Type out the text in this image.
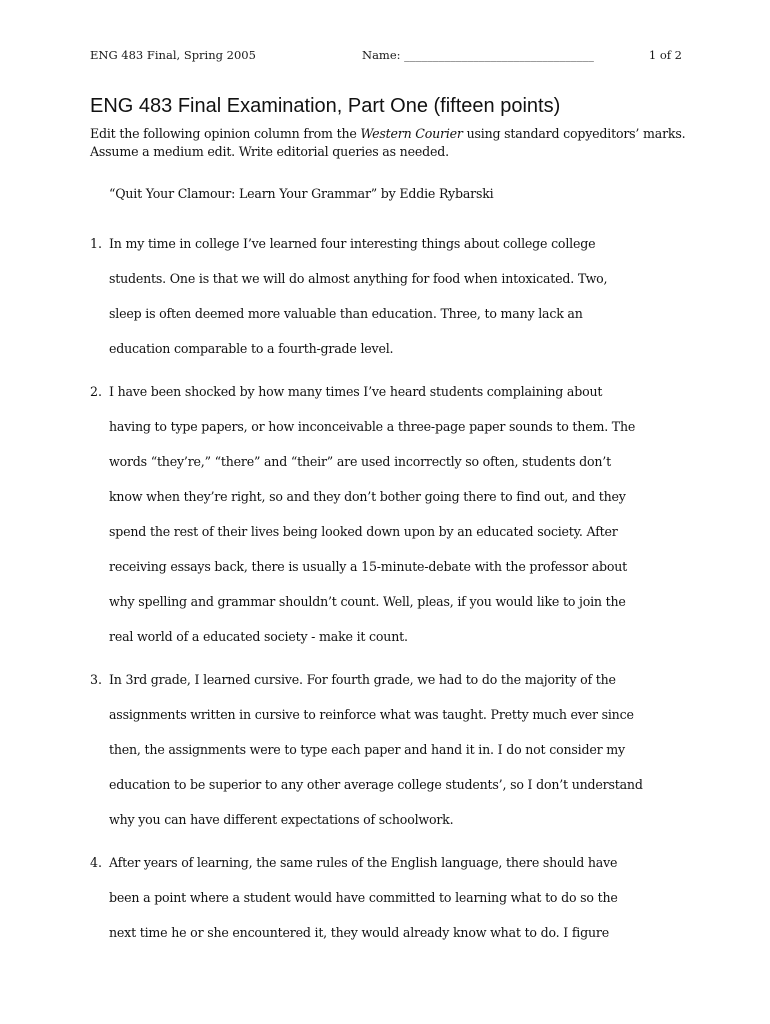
ENG 483 Final, Spring 2005	Name: _________________________________	1 of 2
ENG 483 Final Examination, Part One (fifteen points)

Edit the following opinion column from the Western Courier using standard copyeditors’ marks.
Assume a medium edit. Write editorial queries as needed.

“Quit Your Clamour: Learn Your Grammar” by Eddie Rybarski
1. In my time in college I’ve learned four interesting things about college college
students. One is that we will do almost anything for food when intoxicated. Two,
sleep is often deemed more valuable than education. Three, to many lack an
education comparable to a fourth-grade level.
2. I have been shocked by how many times I’ve heard students complaining about
having to type papers, or how inconceivable a three-page paper sounds to them. The
words “they’re,” “there” and “their” are used incorrectly so often, students don’t
know when they’re right, so and they don’t bother going there to find out, and they
spend the rest of their lives being looked down upon by an educated society. After
receiving essays back, there is usually a 15-minute-debate with the professor about
why spelling and grammar shouldn’t count. Well, pleas, if you would like to join the
real world of a educated society - make it count.
3. In 3rd grade, I learned cursive. For fourth grade, we had to do the majority of the
assignments written in cursive to reinforce what was taught. Pretty much ever since
then, the assignments were to type each paper and hand it in. I do not consider my
education to be superior to any other average college students’, so I don’t understand
why you can have different expectations of schoolwork.
4. After years of learning, the same rules of the English language, there should have
been a point where a student would have committed to learning what to do so the
next time he or she encountered it, they would already know what to do. I figure
